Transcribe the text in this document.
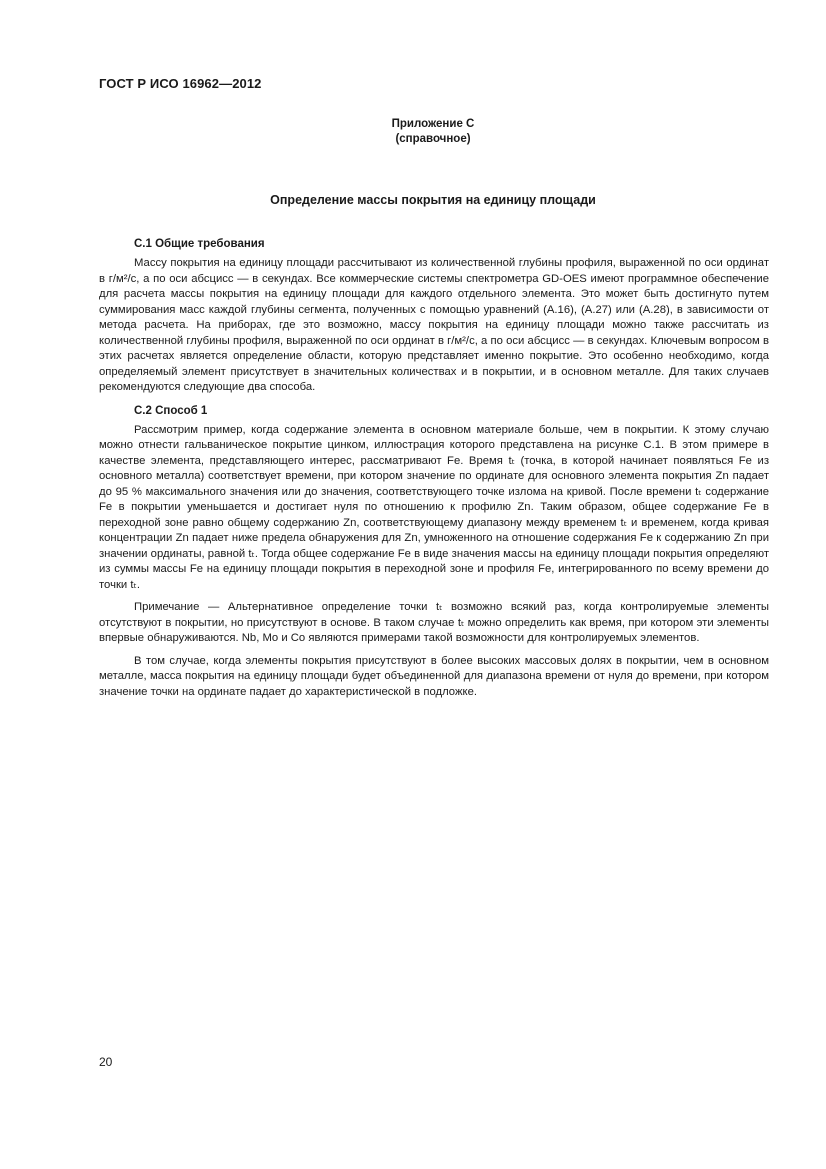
ГОСТ Р ИСО 16962—2012
Приложение С
(справочное)
Определение массы покрытия на единицу площади
С.1 Общие требования

Массу покрытия на единицу площади рассчитывают из количественной глубины профиля, выраженной по оси ординат в г/м²/с, а по оси абсцисс — в секундах. Все коммерческие системы спектрометра GD-OES имеют программное обеспечение для расчета массы покрытия на единицу площади для каждого отдельного элемента. Это может быть достигнуто путем суммирования масс каждой глубины сегмента, полученных с помощью уравнений (А.16), (А.27) или (А.28), в зависимости от метода расчета. На приборах, где это возможно, массу покрытия на единицу площади можно также рассчитать из количественной глубины профиля, выраженной по оси ординат в г/м²/с, а по оси абсцисс — в секундах. Ключевым вопросом в этих расчетах является определение области, которую представляет именно покрытие. Это особенно необходимо, когда определяемый элемент присутствует в значительных количествах и в покрытии, и в основном металле. Для таких случаев рекомендуются следующие два способа.

С.2 Способ 1

Рассмотрим пример, когда содержание элемента в основном материале больше, чем в покрытии. К этому случаю можно отнести гальваническое покрытие цинком, иллюстрация которого представлена на рисунке С.1. В этом примере в качестве элемента, представляющего интерес, рассматривают Fe. Время tₜ (точка, в которой начинает появляться Fe из основного металла) соответствует времени, при котором значение по ординате для основного элемента покрытия Zn падает до 95 % максимального значения или до значения, соответствующего точке излома на кривой. После времени tₜ содержание Fe в покрытии уменьшается и достигает нуля по отношению к профилю Zn. Таким образом, общее содержание Fe в переходной зоне равно общему содержанию Zn, соответствующему диапазону между временем tₜ и временем, когда кривая концентрации Zn падает ниже предела обнаружения для Zn, умноженного на отношение содержания Fe к содержанию Zn при значении ординаты, равной tₜ. Тогда общее содержание Fe в виде значения массы на единицу площади покрытия определяют из суммы массы Fe на единицу площади покрытия в переходной зоне и профиля Fe, интегрированного по всему времени до точки tₜ.

Примечание — Альтернативное определение точки tₜ возможно всякий раз, когда контролируемые элементы отсутствуют в покрытии, но присутствуют в основе. В таком случае tₜ можно определить как время, при котором эти элементы впервые обнаруживаются. Nb, Mo и Co являются примерами такой возможности для контролируемых элементов.

В том случае, когда элементы покрытия присутствуют в более высоких массовых долях в покрытии, чем в основном металле, масса покрытия на единицу площади будет объединенной для диапазона времени от нуля до времени, при котором значение точки на ординате падает до характеристической в подложке.

20
